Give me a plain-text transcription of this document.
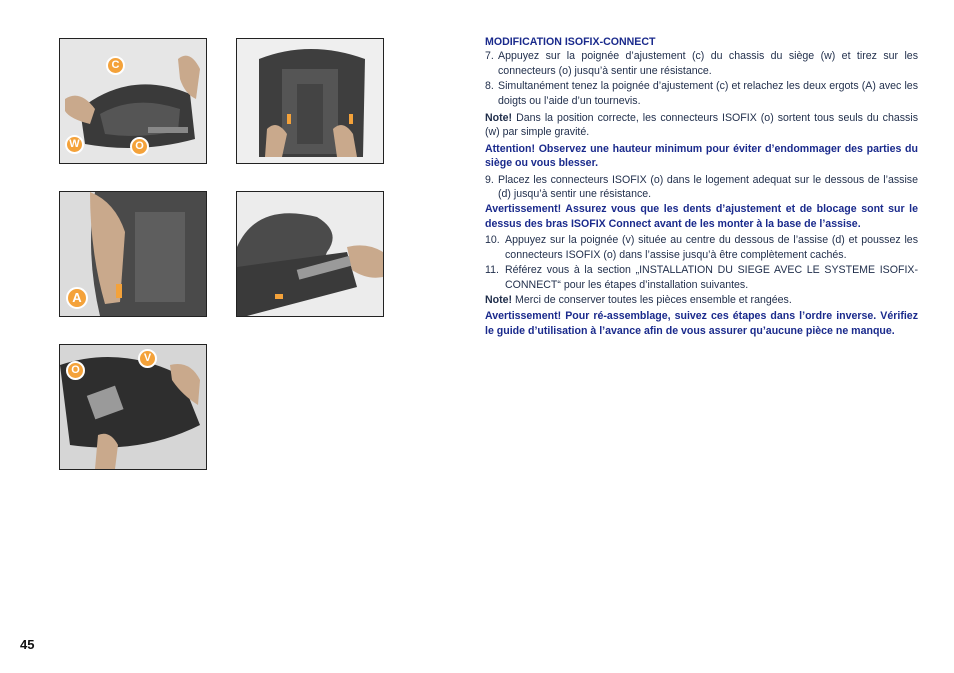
C
W	O
A
O
V
MODIFICATION ISOFIX-CONNECT
7. Appuyez sur la poignée d’ajustement (c) du chassis du siège (w) et tirez sur les connecteurs (o) jusqu’à sentir une résistance.
8. Simultanément tenez la poignée d’ajustement (c) et relachez les deux ergots (A) avec les doigts ou l’aide d’un tournevis.
Note! Dans la position correcte, les connecteurs ISOFIX (o) sortent tous seuls du chassis (w) par simple gravité.
Attention! Observez une hauteur minimum pour éviter d’endommager des parties du siège ou vous blesser.
9. Placez les connecteurs ISOFIX (o) dans le logement adequat sur le dessous de l’assise (d) jusqu’à sentir une résistance.
Avertissement! Assurez vous que les dents d’ajustement et de blocage sont sur le dessus des bras ISOFIX Connect avant de les monter à la base de l’assise.
10. Appuyez sur la poignée (v) située au centre du dessous de l’assise (d) et poussez les connecteurs ISOFIX (o) dans l’assise jusqu’à être complètement cachés.
11. Référez vous à la section „INSTALLATION DU SIEGE AVEC LE SYSTEME ISOFIX-CONNECT“ pour les étapes d’installation suivantes.
Note! Merci de conserver toutes les pièces ensemble et rangées.
Avertissement! Pour ré-assemblage, suivez ces étapes dans l’ordre inverse. Vérifiez le guide d’utilisation à l’avance afin de vous assurer qu’aucune pièce ne manque.
45
